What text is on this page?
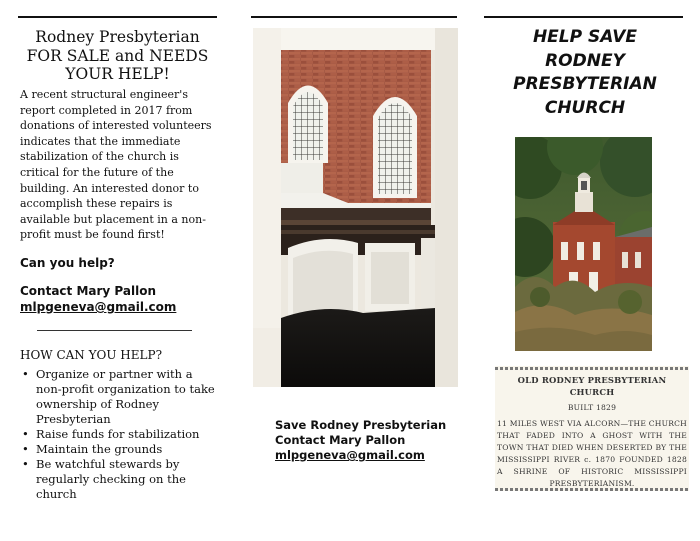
Rodney Presbyterian FOR SALE and NEEDS YOUR HELP!
A recent structural engineer's report completed in 2017 from donations of interested volunteers indicates that the immediate stabilization of the church is critical for the future of the building. An interested donor to accomplish these repairs is available but placement in a non-profit must be found first!
Can you help?
Contact Mary Pallon
mlpgeneva@gmail.com
HOW CAN YOU HELP?
• Organize or partner with a non-profit organization to take ownership of Rodney Presbyterian
• Raise funds for stabilization
• Maintain the grounds
• Be watchful stewards by regularly checking on the church
Save Rodney Presbyterian
Contact Mary Pallon
mlpgeneva@gmail.com
HELP SAVE RODNEY PRESBYTERIAN CHURCH
OLD RODNEY PRESBYTERIAN CHURCH
BUILT 1829
11 MILES WEST VIA ALCORN—THE CHURCH THAT FADED INTO A GHOST WITH THE TOWN THAT DIED WHEN DESERTED BY THE MISSISSIPPI RIVER c. 1870 FOUNDED 1828 A SHRINE OF HISTORIC MISSISSIPPI PRESBYTERIANISM.
